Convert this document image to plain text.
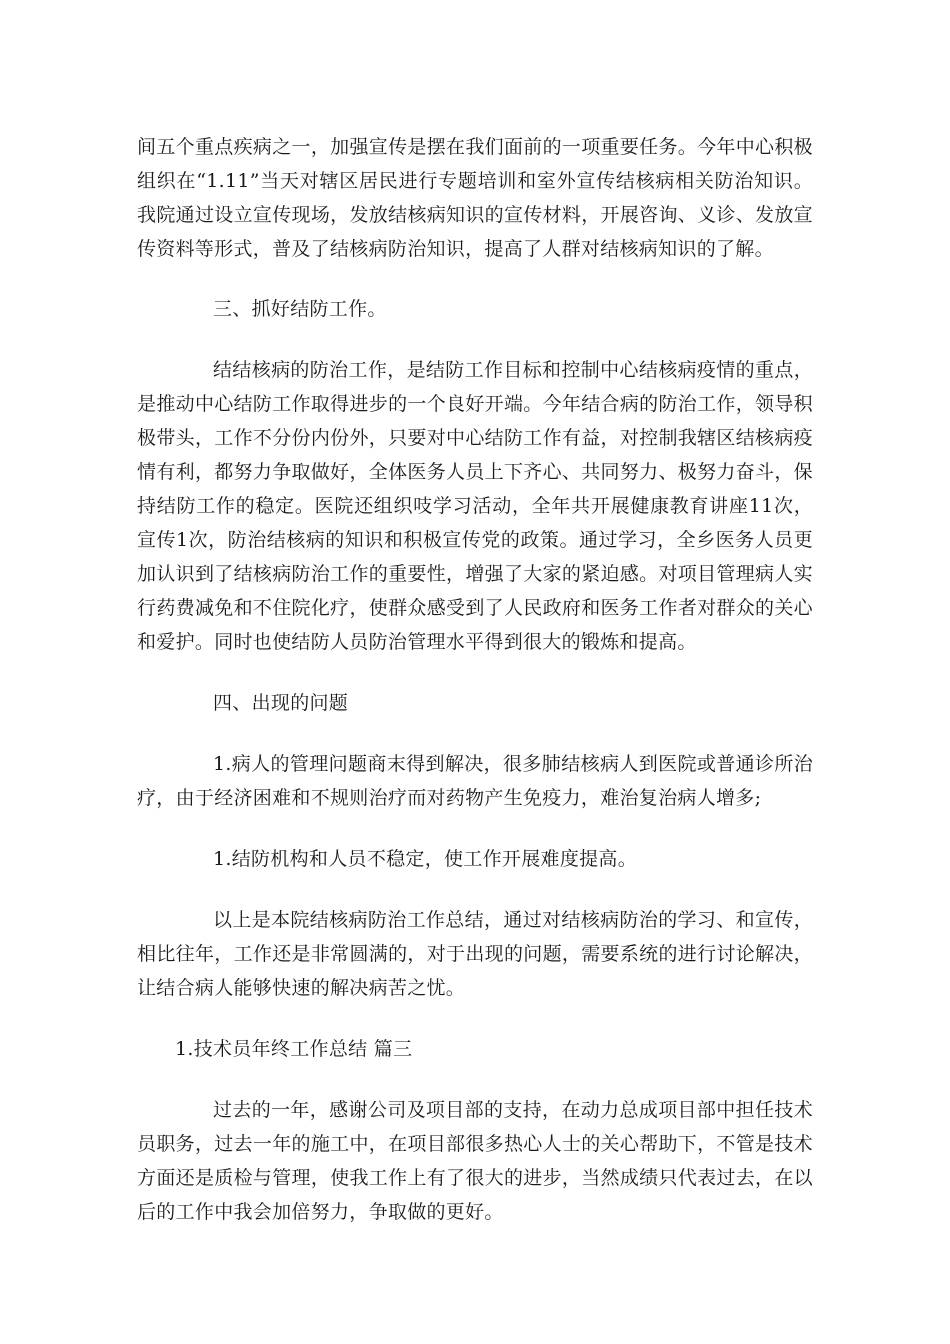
间五个重点疾病之一，加强宣传是摆在我们面前的一项重要任务。今年中心积极组织在“1.11”当天对辖区居民进行专题培训和室外宣传结核病相关防治知识。我院通过设立宣传现场，发放结核病知识的宣传材料，开展咨询、义诊、发放宣传资料等形式，普及了结核病防治知识，提高了人群对结核病知识的了解。

三、抓好结防工作。

结结核病的防治工作，是结防工作目标和控制中心结核病疫情的重点，是推动中心结防工作取得进步的一个良好开端。今年结合病的防治工作，领导积极带头，工作不分份内份外，只要对中心结防工作有益，对控制我辖区结核病疫情有利，都努力争取做好，全体医务人员上下齐心、共同努力、极努力奋斗，保持结防工作的稳定。医院还组织吱学习活动，全年共开展健康教育讲座11次，宣传1次，防治结核病的知识和积极宣传党的政策。通过学习，全乡医务人员更加认识到了结核病防治工作的重要性，增强了大家的紧迫感。对项目管理病人实行药费减免和不住院化疗，使群众感受到了人民政府和医务工作者对群众的关心和爱护。同时也使结防人员防治管理水平得到很大的锻炼和提高。

四、出现的问题

1.病人的管理问题商末得到解决，很多肺结核病人到医院或普通诊所治疗，由于经济困难和不规则治疗而对药物产生免疫力，难治复治病人增多;

1.结防机构和人员不稳定，使工作开展难度提高。

以上是本院结核病防治工作总结，通过对结核病防治的学习、和宣传，相比往年，工作还是非常圆满的，对于出现的问题，需要系统的进行讨论解决，让结合病人能够快速的解决病苦之忧。

1.技术员年终工作总结 篇三

过去的一年，感谢公司及项目部的支持，在动力总成项目部中担任技术员职务，过去一年的施工中，在项目部很多热心人士的关心帮助下，不管是技术方面还是质检与管理，使我工作上有了很大的进步，当然成绩只代表过去，在以后的工作中我会加倍努力，争取做的更好。
